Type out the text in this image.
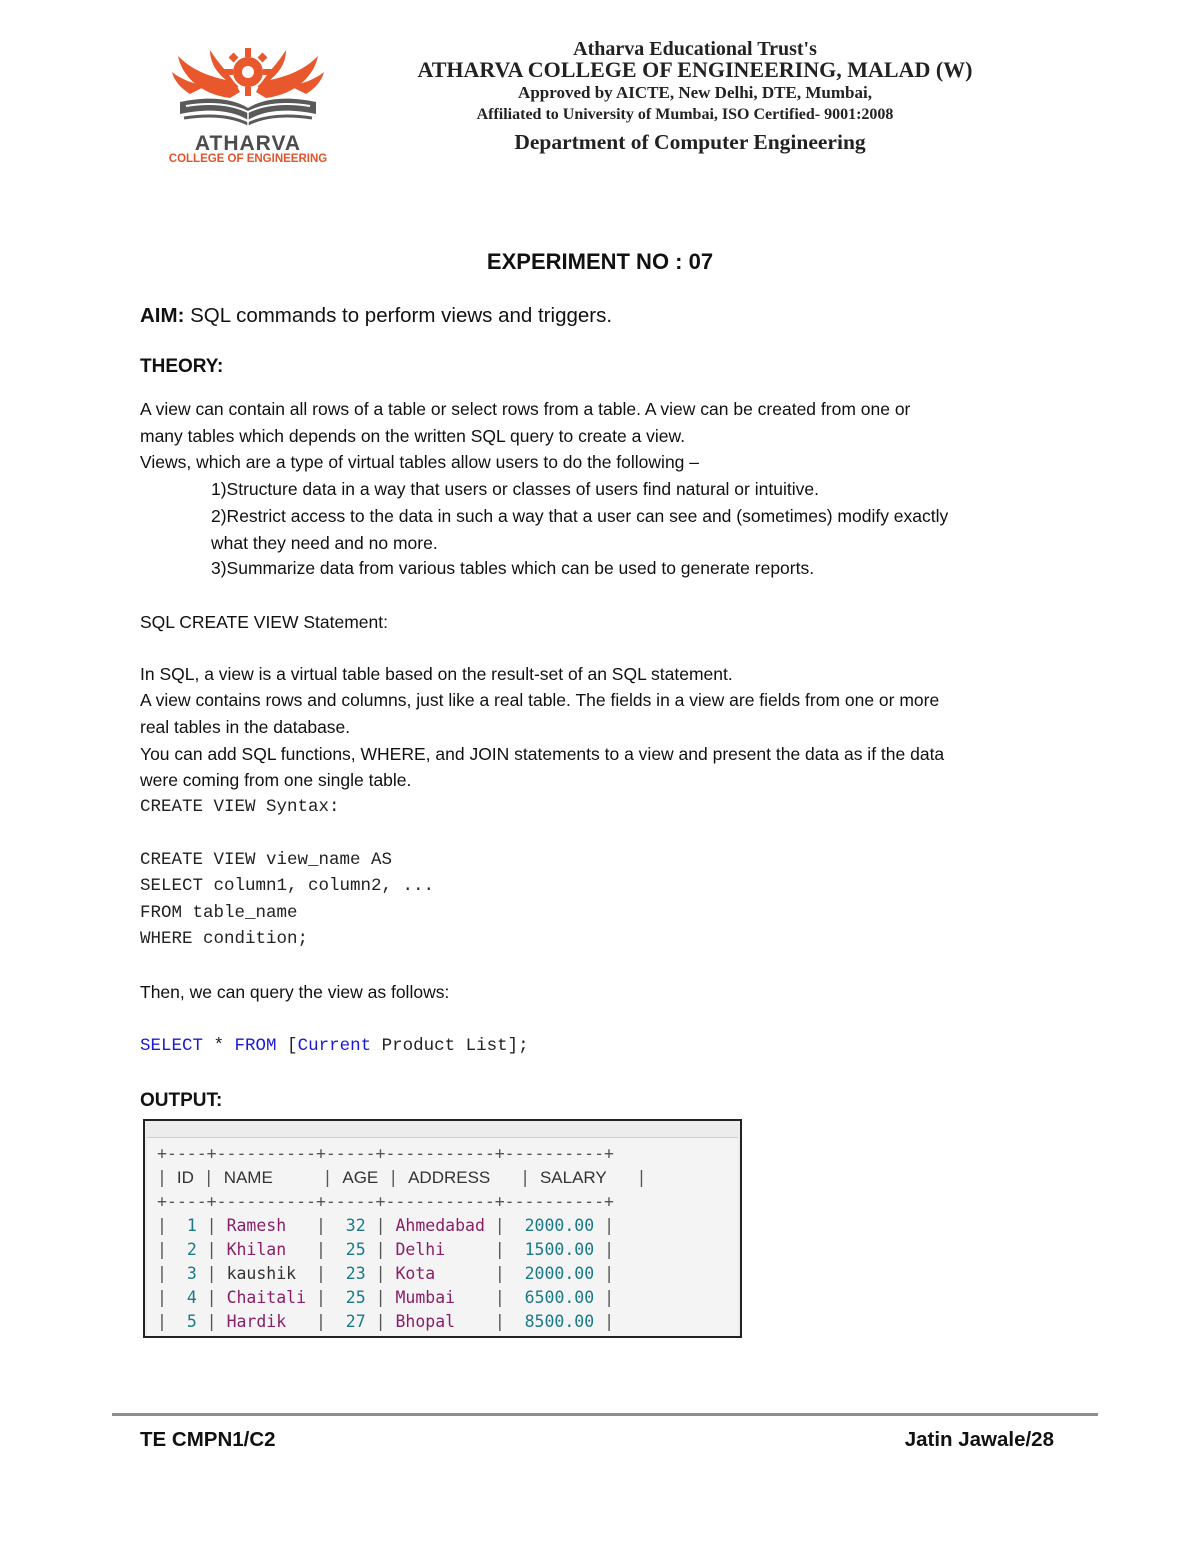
ATHARVA
COLLEGE OF ENGINEERING
Atharva Educational Trust's
ATHARVA COLLEGE OF ENGINEERING, MALAD (W)
Approved by AICTE, New Delhi, DTE, Mumbai,
Affiliated to University of Mumbai, ISO Certified- 9001:2008
Department of Computer Engineering
EXPERIMENT NO : 07
AIM: SQL commands to perform views and triggers.
THEORY:
A view can contain all rows of a table or select rows from a table. A view can be created from one or
many tables which depends on the written SQL query to create a view.
Views, which are a type of virtual tables allow users to do the following –
1)Structure data in a way that users or classes of users find natural or intuitive.
2)Restrict access to the data in such a way that a user can see and (sometimes) modify exactly
what they need and no more.
3)Summarize data from various tables which can be used to generate reports.
SQL CREATE VIEW Statement:
In SQL, a view is a virtual table based on the result-set of an SQL statement.
A view contains rows and columns, just like a real table. The fields in a view are fields from one or more
real tables in the database.
You can add SQL functions, WHERE, and JOIN statements to a view and present the data as if the data
were coming from one single table.
CREATE VIEW Syntax:
CREATE VIEW view_name AS
SELECT column1, column2, ...
FROM table_name
WHERE condition;
Then, we can query the view as follows:
SELECT * FROM [Current Product List];
OUTPUT:
+----+----------+-----+-----------+----------+
| ID | NAME     | AGE | ADDRESS   | SALARY   |
+----+----------+-----+-----------+----------+
|  1 | Ramesh   |  32 | Ahmedabad |  2000.00 |
|  2 | Khilan   |  25 | Delhi     |  1500.00 |
|  3 | kaushik  |  23 | Kota      |  2000.00 |
|  4 | Chaitali |  25 | Mumbai    |  6500.00 |
|  5 | Hardik   |  27 | Bhopal    |  8500.00 |
TE CMPN1/C2	Jatin Jawale/28
